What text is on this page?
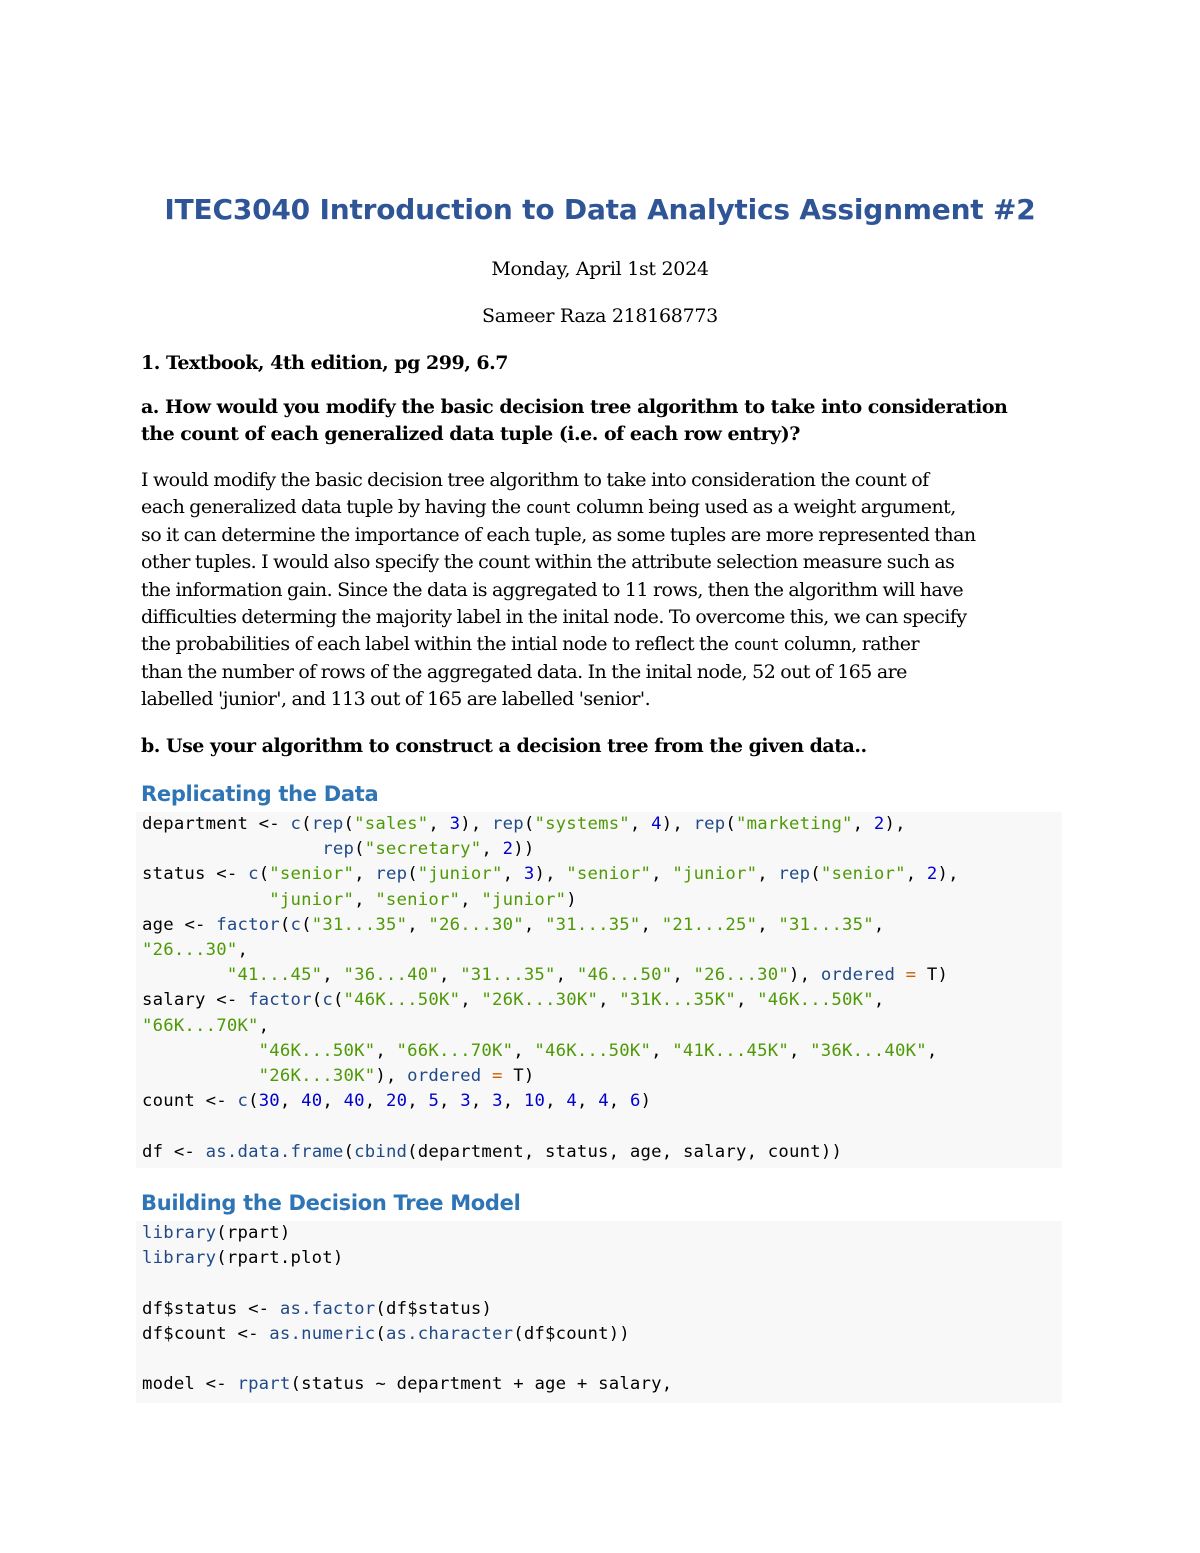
ITEC3040 Introduction to Data Analytics Assignment #2
Monday, April 1st 2024
Sameer Raza 218168773
1. Textbook, 4th edition, pg 299, 6.7
a. How would you modify the basic decision tree algorithm to take into consideration
the count of each generalized data tuple (i.e. of each row entry)?
I would modify the basic decision tree algorithm to take into consideration the count of
each generalized data tuple by having the count column being used as a weight argument,
so it can determine the importance of each tuple, as some tuples are more represented than
other tuples. I would also specify the count within the attribute selection measure such as
the information gain. Since the data is aggregated to 11 rows, then the algorithm will have
difficulties determing the majority label in the inital node. To overcome this, we can specify
the probabilities of each label within the intial node to reflect the count column, rather
than the number of rows of the aggregated data. In the inital node, 52 out of 165 are
labelled 'junior', and 113 out of 165 are labelled 'senior'.
b. Use your algorithm to construct a decision tree from the given data..
Replicating the Data
department <- c(rep("sales", 3), rep("systems", 4), rep("marketing", 2),
rep("secretary", 2))
status <- c("senior", rep("junior", 3), "senior", "junior", rep("senior", 2),
"junior", "senior", "junior")
age <- factor(c("31...35", "26...30", "31...35", "21...25", "31...35",
"26...30",
"41...45", "36...40", "31...35", "46...50", "26...30"), ordered = T)
salary <- factor(c("46K...50K", "26K...30K", "31K...35K", "46K...50K",
"66K...70K",
"46K...50K", "66K...70K", "46K...50K", "41K...45K", "36K...40K",
"26K...30K"), ordered = T)
count <- c(30, 40, 40, 20, 5, 3, 3, 10, 4, 4, 6)

df <- as.data.frame(cbind(department, status, age, salary, count))
Building the Decision Tree Model
library(rpart)
library(rpart.plot)

df$status <- as.factor(df$status)
df$count <- as.numeric(as.character(df$count))

model <- rpart(status ~ department + age + salary,
